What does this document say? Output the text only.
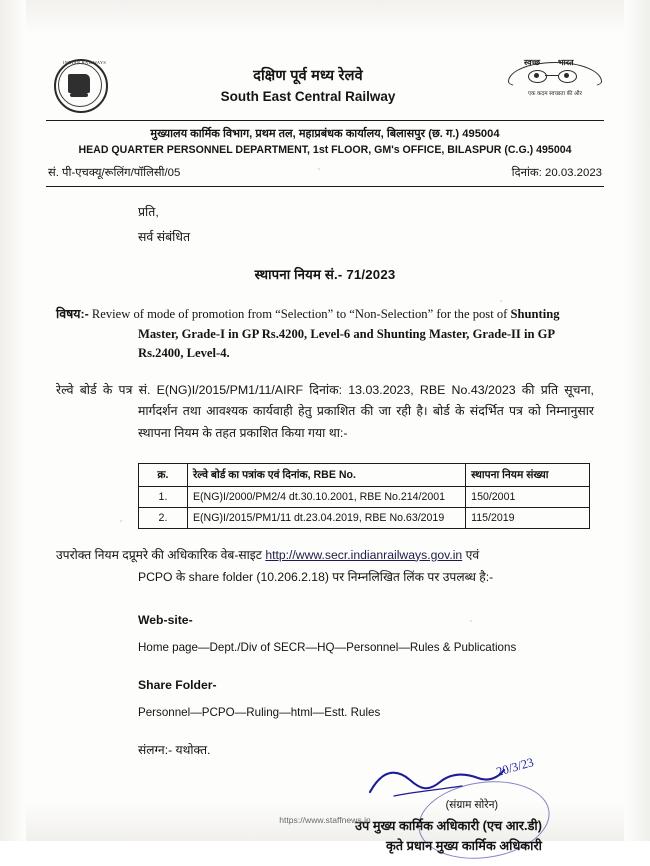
INDIAN RAILWAYS
दक्षिण पूर्व मध्य रेलवे
South East Central Railway
स्वच्छ भारत
एक कदम स्वच्छता की और
मुख्यालय कार्मिक विभाग, प्रथम तल, महाप्रबंधक कार्यालय, बिलासपुर (छ. ग.) 495004
HEAD QUARTER PERSONNEL DEPARTMENT, 1st FLOOR, GM's OFFICE, BILASPUR (C.G.) 495004
सं. पी-एचक्यू/रूलिंग/पॉलिसी/05	दिनांक: 20.03.2023
प्रति,
सर्व संबंधित
स्थापना नियम सं.- 71/2023
विषय:- Review of mode of promotion from “Selection” to “Non-Selection” for the post of Shunting Master, Grade-I in GP Rs.4200, Level-6 and Shunting Master, Grade-II in GP Rs.2400, Level-4.
रेल्वे बोर्ड के पत्र सं. E(NG)I/2015/PM1/11/AIRF दिनांक: 13.03.2023, RBE No.43/2023 की प्रति सूचना, मार्गदर्शन तथा आवश्यक कार्यवाही हेतु प्रकाशित की जा रही है। बोर्ड के संदर्भित पत्र को निम्नानुसार स्थापना नियम के तहत प्रकाशित किया गया था:-
क्र.	रेल्वे बोर्ड का पत्रांक एवं दिनांक, RBE No.	स्थापना नियम संख्या
1.	E(NG)I/2000/PM2/4 dt.30.10.2001, RBE No.214/2001	150/2001
2.	E(NG)I/2015/PM1/11 dt.23.04.2019, RBE No.63/2019	115/2019
उपरोक्त नियम दप्रूमरे की अधिकारिक वेब-साइट http://www.secr.indianrailways.gov.in एवं
PCPO के share folder (10.206.2.18) पर निम्नलिखित लिंक पर उपलब्ध है:-
Web-site-
Home page—Dept./Div of SECR—HQ—Personnel—Rules & Publications
Share Folder-
Personnel—PCPO—Ruling—html—Estt. Rules
संलग्न:- यथोक्त.
20/3/23
(संग्राम सोरेन)
उप मुख्य कार्मिक अधिकारी (एच आर.डी)
कृते प्रधान मुख्य कार्मिक अधिकारी
https://www.staffnews.in
